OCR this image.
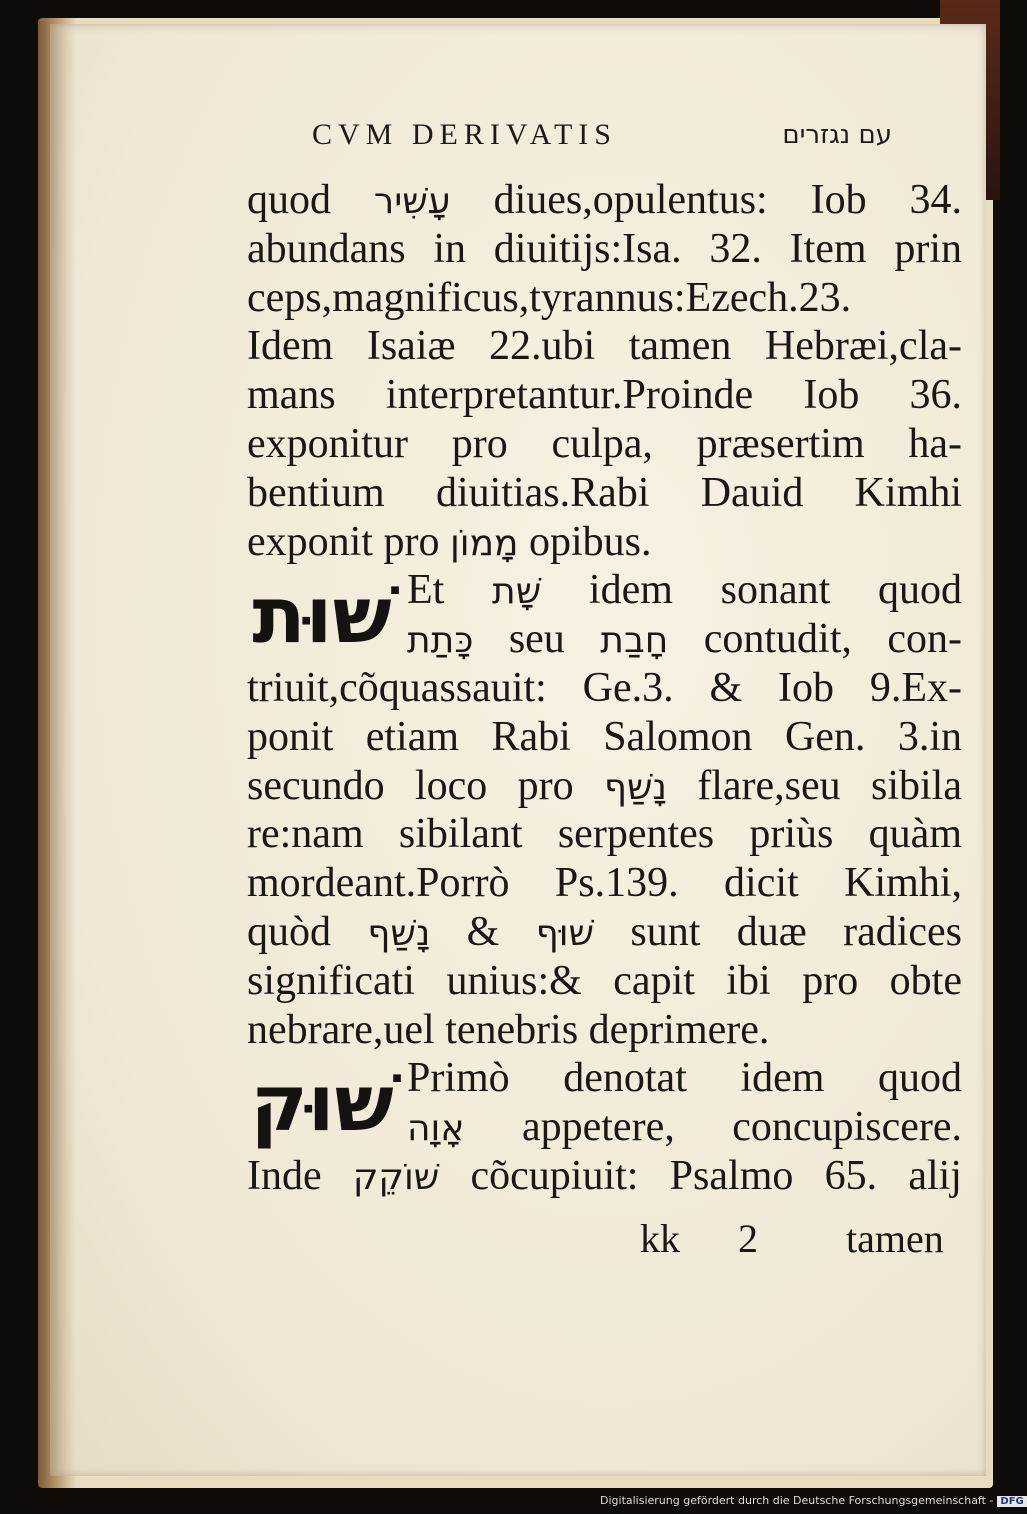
CVM DERIVATIS	עם נגזרים
quod עָשִׁיר diues,opulentus: Iob 34.
abundans in diuitijs:Isa. 32. Item prin
ceps,magnificus,tyrannus:Ezech.23.
Idem Isaiæ 22.ubi tamen Hebræi,cla-
mans interpretantur.Proinde Iob 36.
exponitur pro culpa, præsertim ha-
bentium diuitias.Rabi Dauid Kimhi
exponit pro מָמוֹן opibus.
שׁוּת Et שָׁת idem sonant quod
כָּתַת seu חָבַת contudit, con-
triuit,cõquassauit: Ge.3. & Iob 9.Ex-
ponit etiam Rabi Salomon Gen. 3.in
secundo loco pro נָשַׁף flare,seu sibila
re:nam sibilant serpentes priùs quàm
mordeant.Porrò Ps.139. dicit Kimhi,
quòd	שׁוּף & נָשַׁף	sunt duæ radices
significati unius:& capit ibi pro obte
nebrare,uel tenebris deprimere.
שׁוּק Primò denotat idem quod
אָוָה appetere, concupiscere.
Inde שׁוֹקֵק cõcupiuit: Psalmo 65. alij
kk 2 tamen
Digitalisierung gefördert durch die Deutsche Forschungsgemeinschaft - DFG
